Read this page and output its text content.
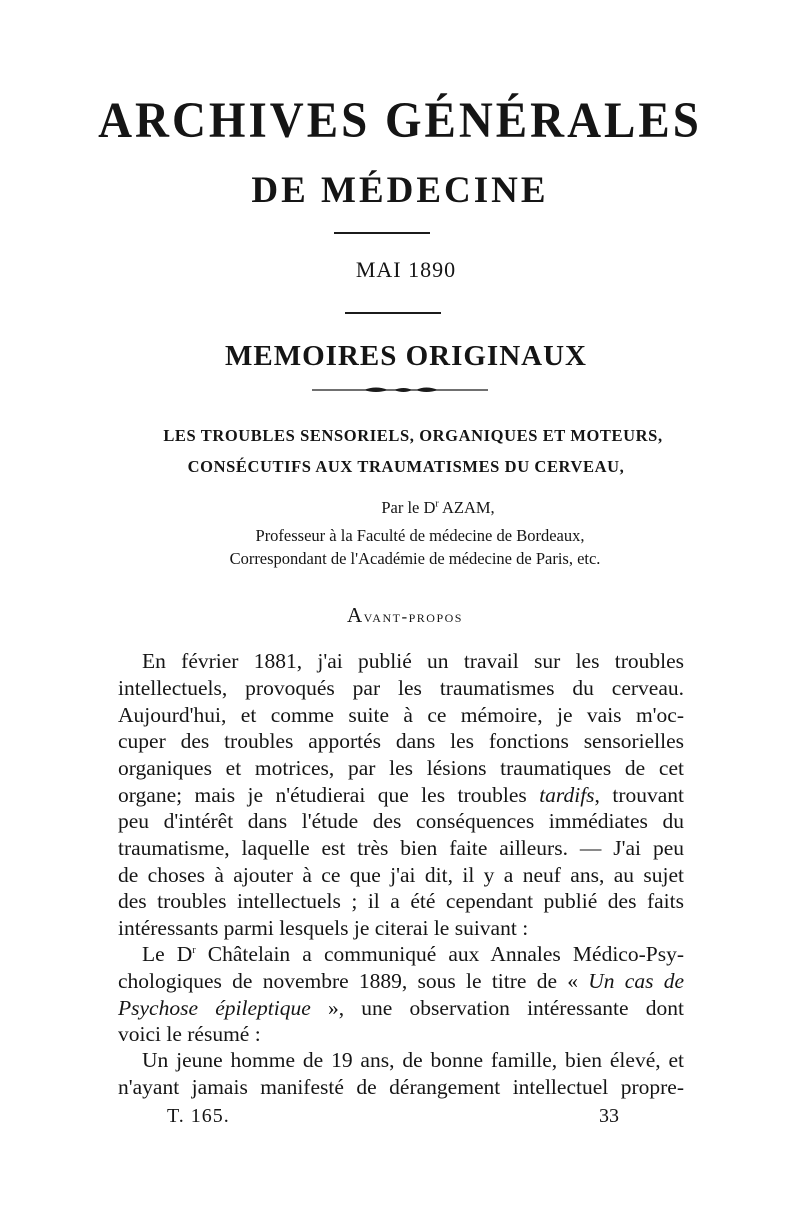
ARCHIVES GÉNÉRALES
DE MÉDECINE
MAI 1890
MEMOIRES ORIGINAUX
LES TROUBLES SENSORIELS, ORGANIQUES ET MOTEURS,
CONSÉCUTIFS AUX TRAUMATISMES DU CERVEAU,
Par le $D^r$ AZAM,
Professeur à la Faculté de médecine de Bordeaux,
Correspondant de l'Académie de médecine de Paris, etc.
Avant-propos
En février 1881, j'ai publié un travail sur les troubles
intellectuels, provoqués par les traumatismes du cerveau.
Aujourd'hui, et comme suite à ce mémoire, je vais m'oc-
cuper des troubles apportés dans les fonctions sensorielles
organiques et motrices, par les lésions traumatiques de cet
organe; mais je n'étudierai que les troubles tardifs, trouvant
peu d'intérêt dans l'étude des conséquences immédiates du
traumatisme, laquelle est très bien faite ailleurs. — J'ai peu
de choses à ajouter à ce que j'ai dit, il y a neuf ans, au sujet
des troubles intellectuels ; il a été cependant publié des faits
intéressants parmi lesquels je citerai le suivant :
Le $D^r$ Châtelain a communiqué aux Annales Médico-Psy-
chologiques de novembre 1889, sous le titre de « Un cas de
Psychose épileptique », une observation intéressante dont
voici le résumé :
Un jeune homme de 19 ans, de bonne famille, bien élevé, et
n'ayant jamais manifesté de dérangement intellectuel propre-
T. 165.	33
